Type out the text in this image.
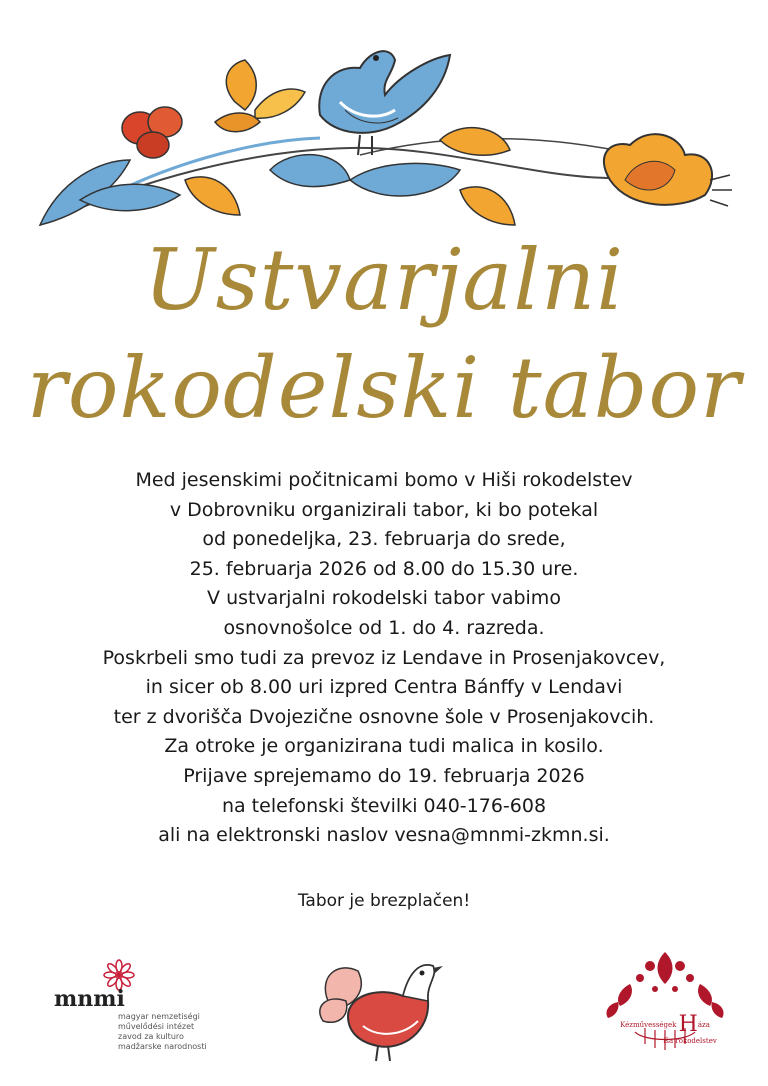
Ustvarjalni
rokodelski tabor
Med jesenskimi počitnicami bomo v Hiši rokodelstev
v Dobrovniku organizirali tabor, ki bo potekal
od ponedeljka, 23. februarja do srede,
25. februarja 2026 od 8.00 do 15.30 ure.
V ustvarjalni rokodelski tabor vabimo
osnovnošolce od 1. do 4. razreda.
Poskrbeli smo tudi za prevoz iz Lendave in Prosenjakovcev,
in sicer ob 8.00 uri izpred Centra Bánffy v Lendavi
ter z dvorišča Dvojezične osnovne šole v Prosenjakovcih.
Za otroke je organizirana tudi malica in kosilo.
Prijave sprejemamo do 19. februarja 2026
na telefonski številki 040-176-608
ali na elektronski naslov vesna@mnmi-zkmn.si.
Tabor je brezplačen!
mnmi
magyar nemzetiségi
művelődési intézet
zavod za kulturo
madžarske narodnosti
Kézművességek Háza
iša rokodelstev
